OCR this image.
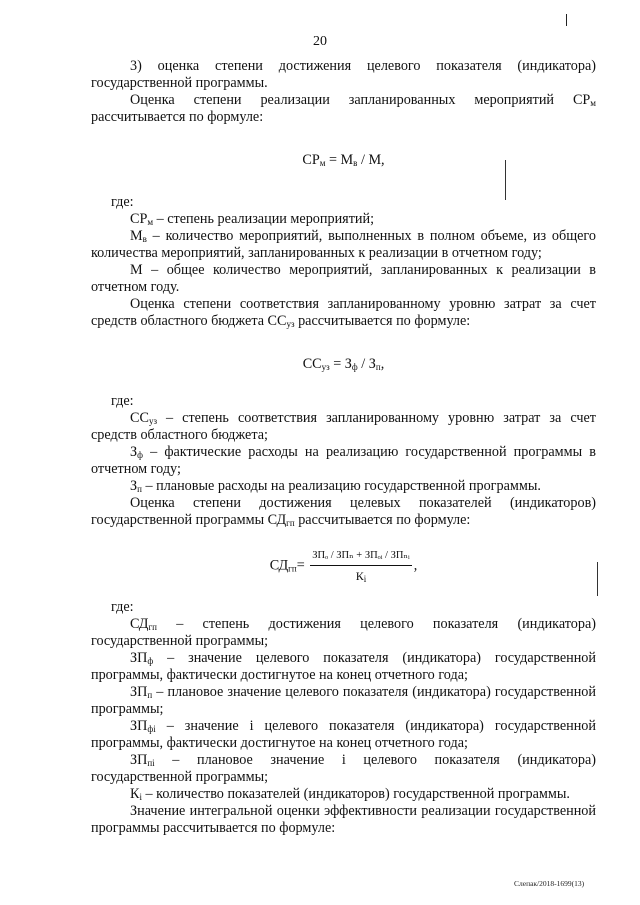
20

3) оценка степени достижения целевого показателя (индикатора) государственной программы.

Оценка степени реализации запланированных мероприятий $СР_м$ рассчитывается по формуле:

$СР_м = М_в / М$,

где:

$СР_м$ – степень реализации мероприятий;

$М_в$ – количество мероприятий, выполненных в полном объеме, из общего количества мероприятий, запланированных к реализации в отчетном году;

М – общее количество мероприятий, запланированных к реализации в отчетном году.

Оценка степени соответствия запланированному уровню затрат за счет средств областного бюджета $СС_{уз}$ рассчитывается по формуле:

$СС_{уз} = З_ф / З_п$,

где:

$СС_{уз}$ – степень соответствия запланированному уровню затрат за счет средств областного бюджета;

$З_ф$ – фактические расходы на реализацию государственной программы в отчетном году;

$З_п$ – плановые расходы на реализацию государственной программы.

Оценка степени достижения целевых показателей (индикаторов) государственной программы $СД_{гп}$ рассчитывается по формуле:

$СД_{гп}= \frac{\text{ЗПₒ / ЗПₙ + ЗПₒᵢ / ЗПₙᵢ}}{К_i}$ ,

где:

$СД_{гп}$ – степень достижения целевого показателя (индикатора) государственной программы;

$ЗП_ф$ – значение целевого показателя (индикатора) государственной программы, фактически достигнутое на конец отчетного года;

$ЗП_п$ – плановое значение целевого показателя (индикатора) государственной программы;

$ЗП_{фi}$ – значение i целевого показателя (индикатора) государственной программы, фактически достигнутое на конец отчетного года;

$ЗП_{пi}$ – плановое значение i целевого показателя (индикатора) государственной программы;

$К_i$ – количество показателей (индикаторов) государственной программы.

Значение интегральной оценки эффективности реализации государственной программы рассчитывается по формуле:

Слепак/2018-1699(13)
